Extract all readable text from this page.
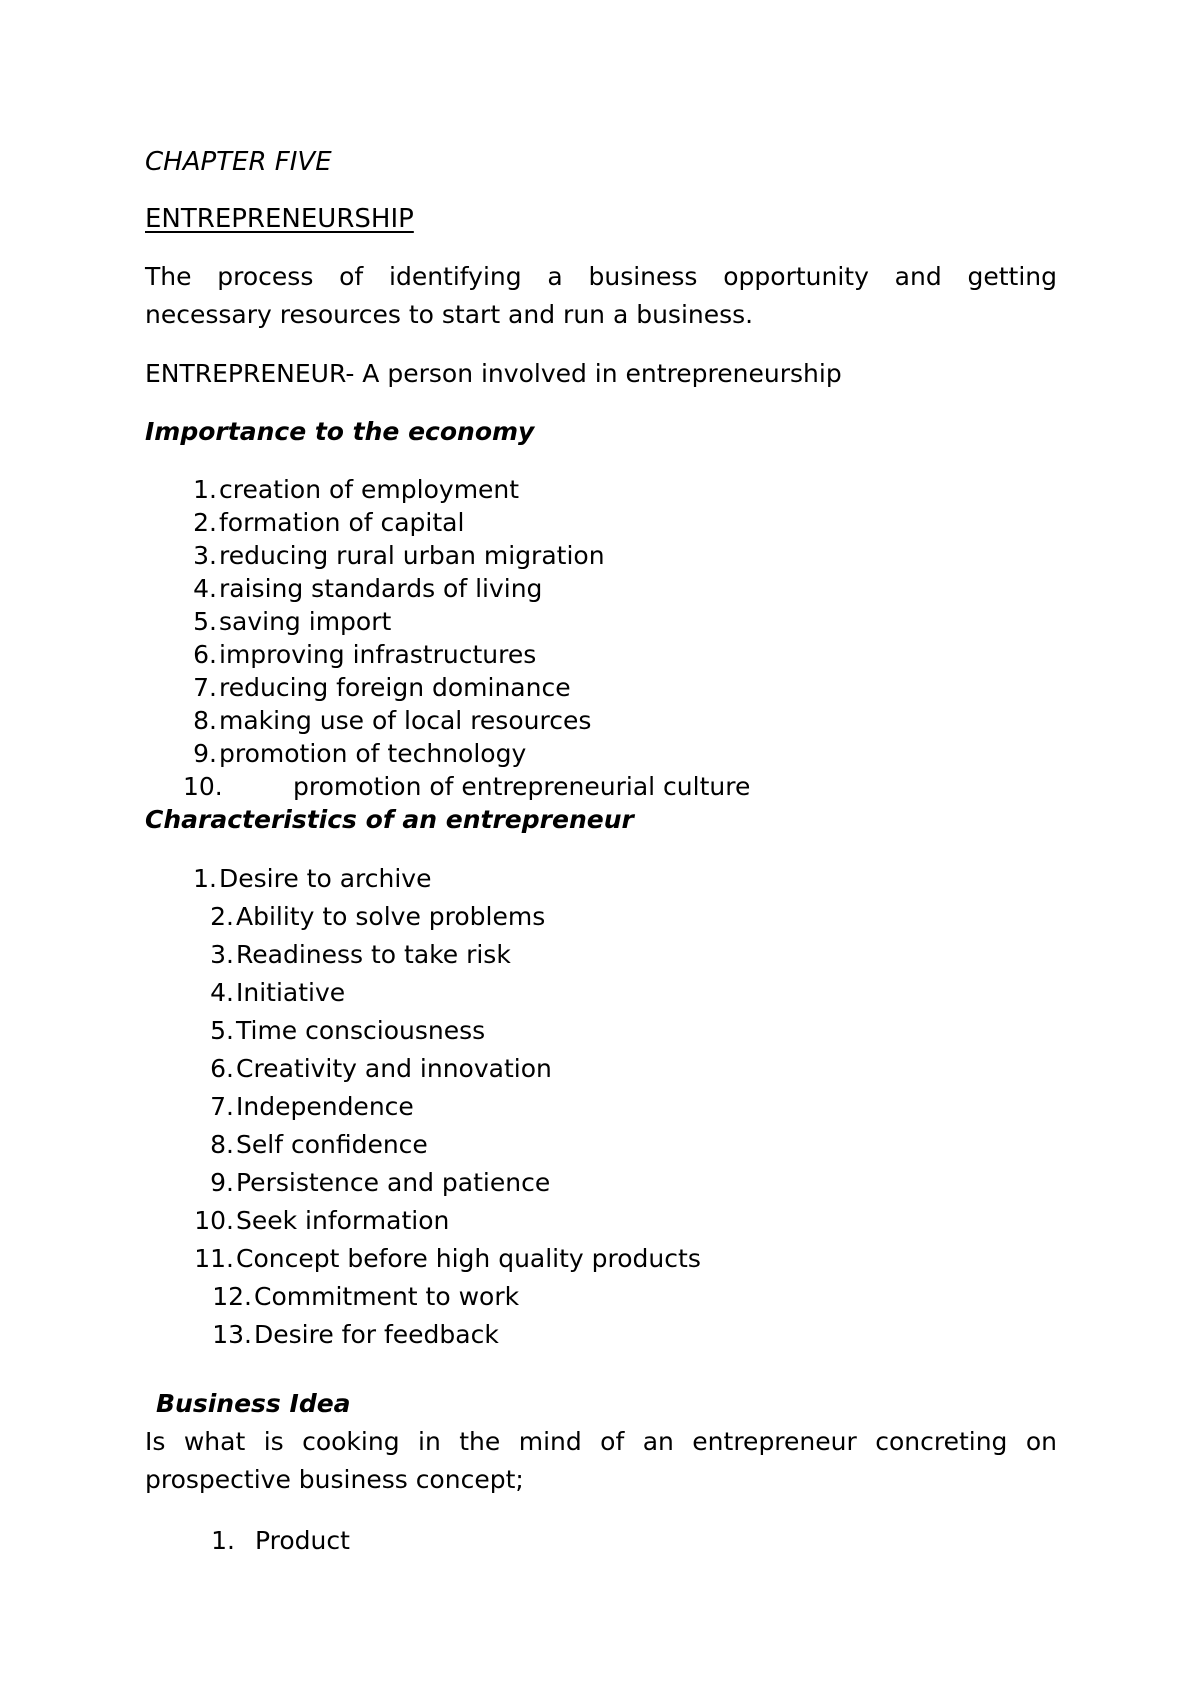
CHAPTER FIVE
ENTREPRENEURSHIP
The process of identifying a business opportunity and getting
necessary resources to start and run a business.
ENTREPRENEUR- A person involved in entrepreneurship
Importance to the economy
1. creation of employment
2. formation of capital
3. reducing rural urban migration
4. raising standards of living
5. saving import
6. improving infrastructures
7. reducing foreign dominance
8. making use of local resources
9. promotion of technology
10.	promotion of entrepreneurial culture
Characteristics of an entrepreneur
1. Desire to archive
2. Ability to solve problems
3. Readiness to take risk
4. Initiative
5. Time consciousness
6. Creativity and innovation
7. Independence
8. Self confidence
9. Persistence and patience
10. Seek information
11. Concept before high quality products
12. Commitment to work
13. Desire for feedback
Business Idea
Is what is cooking in the mind of an entrepreneur concreting on
prospective business concept;
1. Product
